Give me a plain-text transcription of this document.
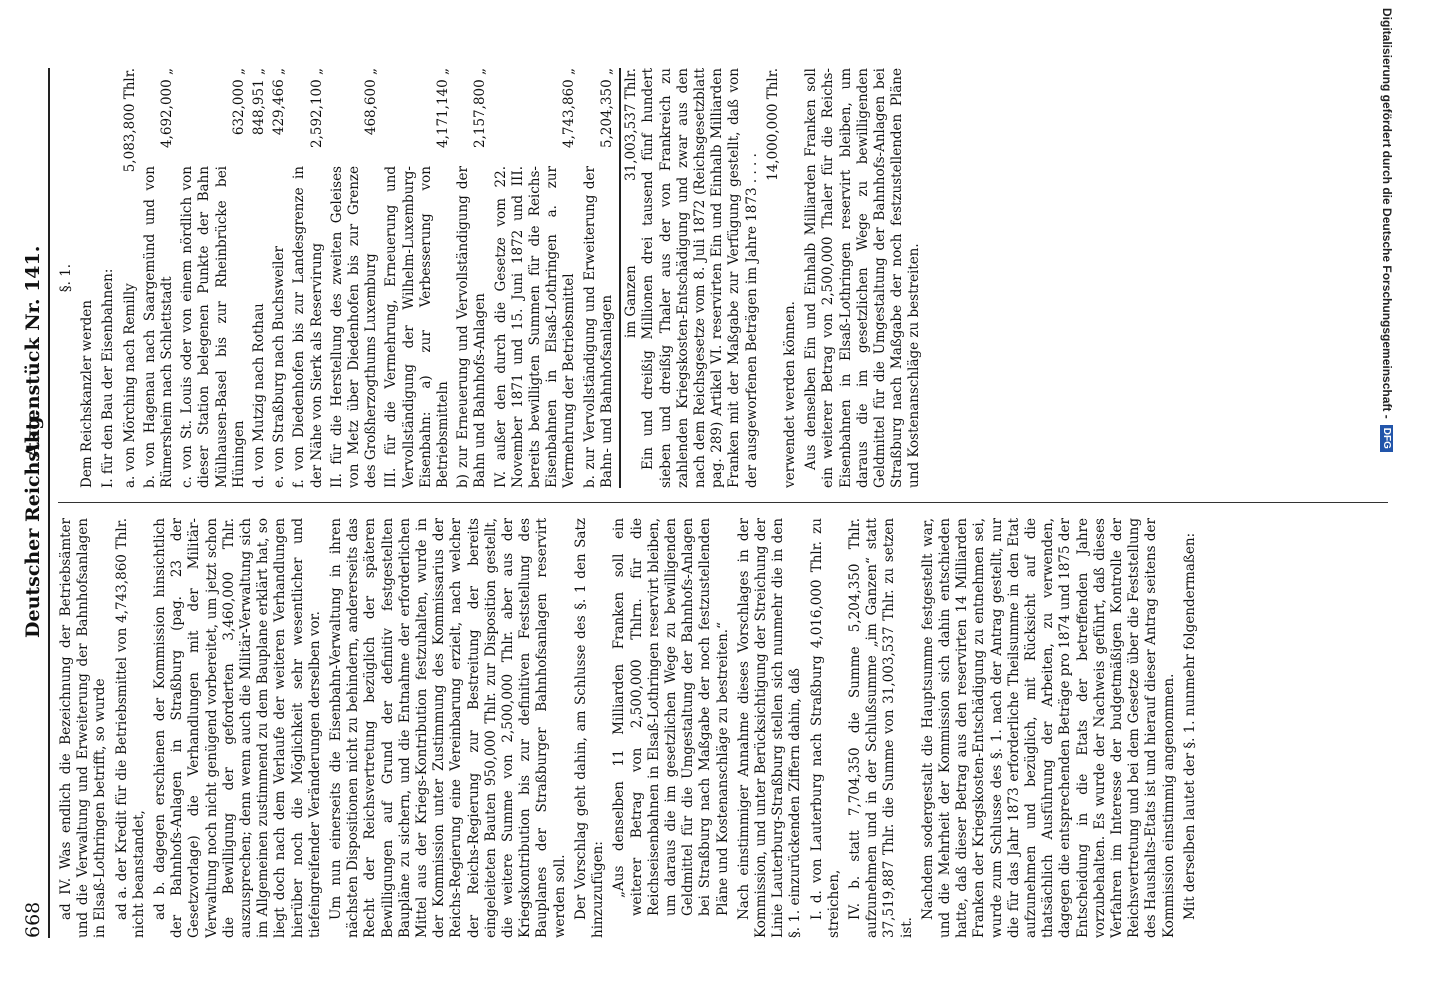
668
Deutscher Reichstag.
Aktenstück Nr. 141.

ad IV. Was endlich die Bezeichnung der Betriebsämter und die Verwaltung und Erweiterung der Bahnhofsanlagen in Elsaß-Lothringen betrifft, so wurde ad a. der Kredit für die Betriebsmittel von 4,743,860 Thlr. nicht beanstandet, ad b. dagegen erschienen der Kommission hinsichtlich der Bahnhofs-Anlagen in Straßburg (pag. 23 der Gesetzvorlage) die Verhandlungen mit der Militär-Verwaltung noch nicht genügend vorbereitet, um jetzt schon die Bewilligung der geforderten 3,460,000 Thlr. auszusprechen; denn wenn auch die Militär-Verwaltung sich im Allgemeinen zustimmend zu dem Bauplane erklärt hat, so liegt doch nach dem Verlaufe der weiteren Verhandlungen hierüber noch die Möglichkeit sehr wesentlicher und tiefeingreifender Veränderungen derselben vor. Um nun einerseits die Eisenbahn-Verwaltung in ihren nächsten Dispositionen nicht zu behindern, andererseits das Recht der Reichsvertretung bezüglich der späteren Bewilligungen auf Grund der definitiv festgestellten Baupläne zu sichern, und die Entnahme der erforderlichen Mittel aus der Kriegs-Kontribution festzuhalten, wurde in der Kommission unter Zustimmung des Kommissarius der Reichs-Regierung eine Vereinbarung erzielt, nach welcher der Reichs-Regierung zur Bestreitung der bereits eingeleiteten Bauten 950,000 Thlr. zur Disposition gestellt, die weitere Summe von 2,500,000 Thlr. aber aus der Kriegskontribution bis zur definitiven Feststellung des Bauplanes der Straßburger Bahnhofsanlagen reservirt werden soll. Der Vorschlag geht dahin, am Schlusse des §. 1 den Satz hinzuzufügen: „Aus denselben 11 Milliarden Franken soll ein weiterer Betrag von 2,500,000 Thlrn. für die Reichseisenbahnen in Elsaß-Lothringen reservirt bleiben, um daraus die im gesetzlichen Wege zu bewilligenden Geldmittel für die Umgestaltung der Bahnhofs-Anlagen bei Straßburg nach Maßgabe der noch festzustellenden Pläne und Kostenanschläge zu bestreiten.“ Nach einstimmiger Annahme dieses Vorschlages in der Kommission, und unter Berücksichtigung der Streichung der Linie Lauterburg-Straßburg stellen sich nunmehr die in den §. 1. einzurückenden Ziffern dahin, daß I. d. von Lauterburg nach Straßburg 4,016,000 Thlr. zu streichen, IV. b. statt 7,704,350 die Summe 5,204,350 Thlr. aufzunehmen und in der Schlußsumme „im Ganzen“ statt 37,519,887 Thlr. die Summe von 31,003,537 Thlr. zu setzen ist.

Nachdem sodergestalt die Hauptsumme festgestellt war, und die Mehrheit der Kommission sich dahin entschieden hatte, daß dieser Betrag aus den reservirten 14 Milliarden Franken der Kriegskosten-Entschädigung zu entnehmen sei, wurde zum Schlusse des §. 1. nach der Antrag gestellt, nur die für das Jahr 1873 erforderliche Theilsumme in den Etat aufzunehmen und bezüglich, mit Rücksicht auf die thatsächlich Ausführung der Arbeiten, zu verwenden, dagegen die entsprechenden Beträge pro 1874 und 1875 der Entscheidung in die Etats der betreffenden Jahre vorzubehalten. Es wurde der Nachweis geführt, daß dieses Verfahren im Interesse der budgetmäßigen Kontrolle der Reichsvertretung und bei dem Gesetze über die Feststellung des Haushalts-Etats ist und hierauf dieser Antrag seitens der Kommission einstimmig angenommen. Mit derselben lautet der §. 1. nunmehr folgendermaßen:

§. 1.

Dem Reichskanzler werden I. für den Bau der Eisenbahnen: a. von Mörching nach Remilly
5,083,800 Thlr.
b. von Hagenau nach Saargemünd und von Rümersheim nach Schlettstadt
4,692,000 „
c. von St. Louis oder von einem nördlich von dieser Station belegenen Punkte der Bahn Mülhausen-Basel bis zur Rheinbrücke bei Hüningen
632,000 „
d. von Mutzig nach Rothau
848,951 „
e. von Straßburg nach Buchsweiler
429,466 „
f. von Diedenhofen bis zur Landesgrenze in der Nähe von Sierk als Reservirung
2,592,100 „
II. für die Herstellung des zweiten Geleises von Metz über Diedenhofen bis zur Grenze des Großherzogthums Luxemburg
468,600 „
III. für die Vermehrung, Erneuerung und Vervollständigung der Wilhelm-Luxemburg-Eisenbahn: a) zur Verbesserung von Betriebsmitteln
4,171,140 „
b) zur Erneuerung und Vervollständigung der Bahn und Bahnhofs-Anlagen
2,157,800 „
IV. außer den durch die Gesetze vom 22. November 1871 und 15. Juni 1872 und III. bereits bewilligten Summen für die Reichs-Eisenbahnen in Elsaß-Lothringen a. zur Vermehrung der Betriebsmittel
4,743,860 „
b. zur Vervollständigung und Erweiterung der Bahn- und Bahnhofsanlagen
5,204,350 „
im Ganzen
31,003,537 Thlr. Ein und dreißig Millionen drei tausend fünf hundert sieben und dreißig Thaler aus der von Frankreich zu zahlenden Kriegskosten-Entschädigung und zwar aus den nach dem Reichsgesetze vom 8. Juli 1872 (Reichsgesetzblatt pag. 289) Artikel VI. reservirten Ein und Einhalb Milliarden Franken mit der Maßgabe zur Verfügung gestellt, daß von der ausgeworfenen Beträgen im Jahre 1873 . . . .

14,000,000 Thlr.

verwendet werden können. Aus denselben Ein und Einhalb Milliarden Franken soll ein weiterer Betrag von 2,500,000 Thaler für die Reichs-Eisenbahnen in Elsaß-Lothringen reservirt bleiben, um daraus die im gesetzlichen Wege zu bewilligenden Geldmittel für die Umgestaltung der Bahnhofs-Anlagen bei Straßburg nach Maßgabe der noch festzustellenden Pläne und Kostenanschläge zu bestreiten.	Digitalisierung gefördert durch die Deutsche Forschungsgemeinschaft -
DFG
